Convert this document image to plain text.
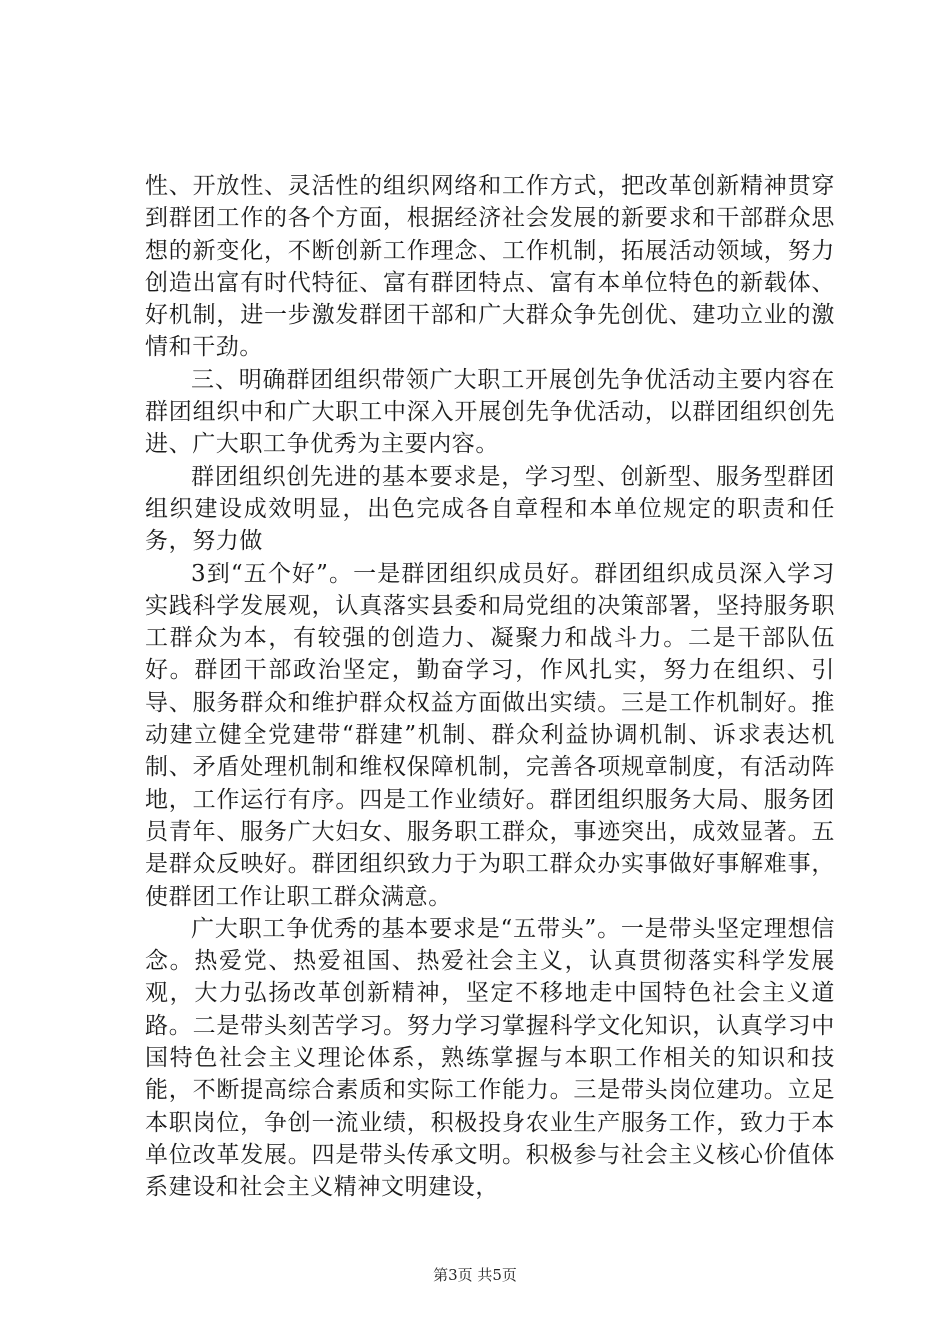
性、开放性、灵活性的组织网络和工作方式，把改革创新精神贯穿到群团工作的各个方面，根据经济社会发展的新要求和干部群众思想的新变化，不断创新工作理念、工作机制，拓展活动领域，努力创造出富有时代特征、富有群团特点、富有本单位特色的新载体、好机制，进一步激发群团干部和广大群众争先创优、建功立业的激情和干劲。

三、明确群团组织带领广大职工开展创先争优活动主要内容在群团组织中和广大职工中深入开展创先争优活动，以群团组织创先进、广大职工争优秀为主要内容。

群团组织创先进的基本要求是，学习型、创新型、服务型群团组织建设成效明显，出色完成各自章程和本单位规定的职责和任务，努力做

3到“五个好”。一是群团组织成员好。群团组织成员深入学习实践科学发展观，认真落实县委和局党组的决策部署，坚持服务职工群众为本，有较强的创造力、凝聚力和战斗力。二是干部队伍好。群团干部政治坚定，勤奋学习，作风扎实，努力在组织、引导、服务群众和维护群众权益方面做出实绩。三是工作机制好。推动建立健全党建带“群建”机制、群众利益协调机制、诉求表达机制、矛盾处理机制和维权保障机制，完善各项规章制度，有活动阵地，工作运行有序。四是工作业绩好。群团组织服务大局、服务团员青年、服务广大妇女、服务职工群众，事迹突出，成效显著。五是群众反映好。群团组织致力于为职工群众办实事做好事解难事，使群团工作让职工群众满意。

广大职工争优秀的基本要求是“五带头”。一是带头坚定理想信念。热爱党、热爱祖国、热爱社会主义，认真贯彻落实科学发展观，大力弘扬改革创新精神，坚定不移地走中国特色社会主义道路。二是带头刻苦学习。努力学习掌握科学文化知识，认真学习中国特色社会主义理论体系，熟练掌握与本职工作相关的知识和技能，不断提高综合素质和实际工作能力。三是带头岗位建功。立足本职岗位，争创一流业绩，积极投身农业生产服务工作，致力于本单位改革发展。四是带头传承文明。积极参与社会主义核心价值体系建设和社会主义精神文明建设，

第3页 共5页
